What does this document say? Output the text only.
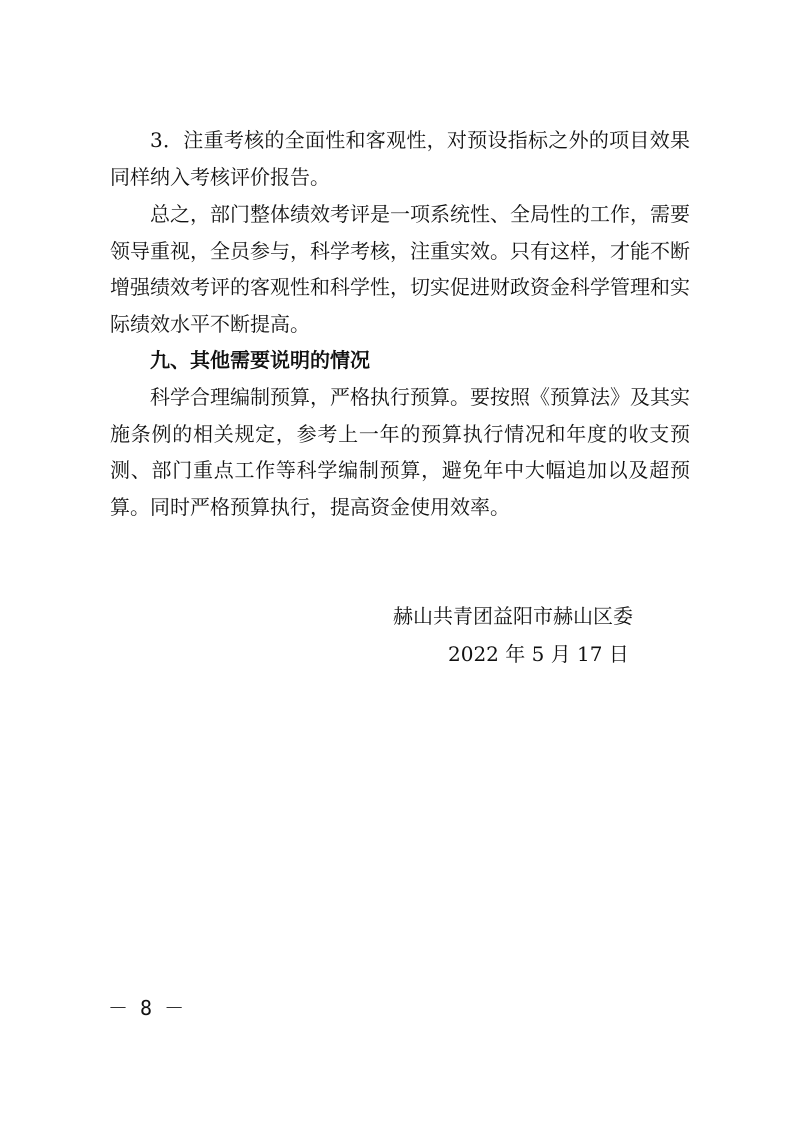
3．注重考核的全面性和客观性，对预设指标之外的项目效果同样纳入考核评价报告。

总之，部门整体绩效考评是一项系统性、全局性的工作，需要领导重视，全员参与，科学考核，注重实效。只有这样，才能不断增强绩效考评的客观性和科学性，切实促进财政资金科学管理和实际绩效水平不断提高。

九、其他需要说明的情况

科学合理编制预算，严格执行预算。要按照《预算法》及其实施条例的相关规定，参考上一年的预算执行情况和年度的收支预测、部门重点工作等科学编制预算，避免年中大幅追加以及超预算。同时严格预算执行，提高资金使用效率。

赫山共青团益阳市赫山区委
2022 年 5 月 17 日
－ 8 －
